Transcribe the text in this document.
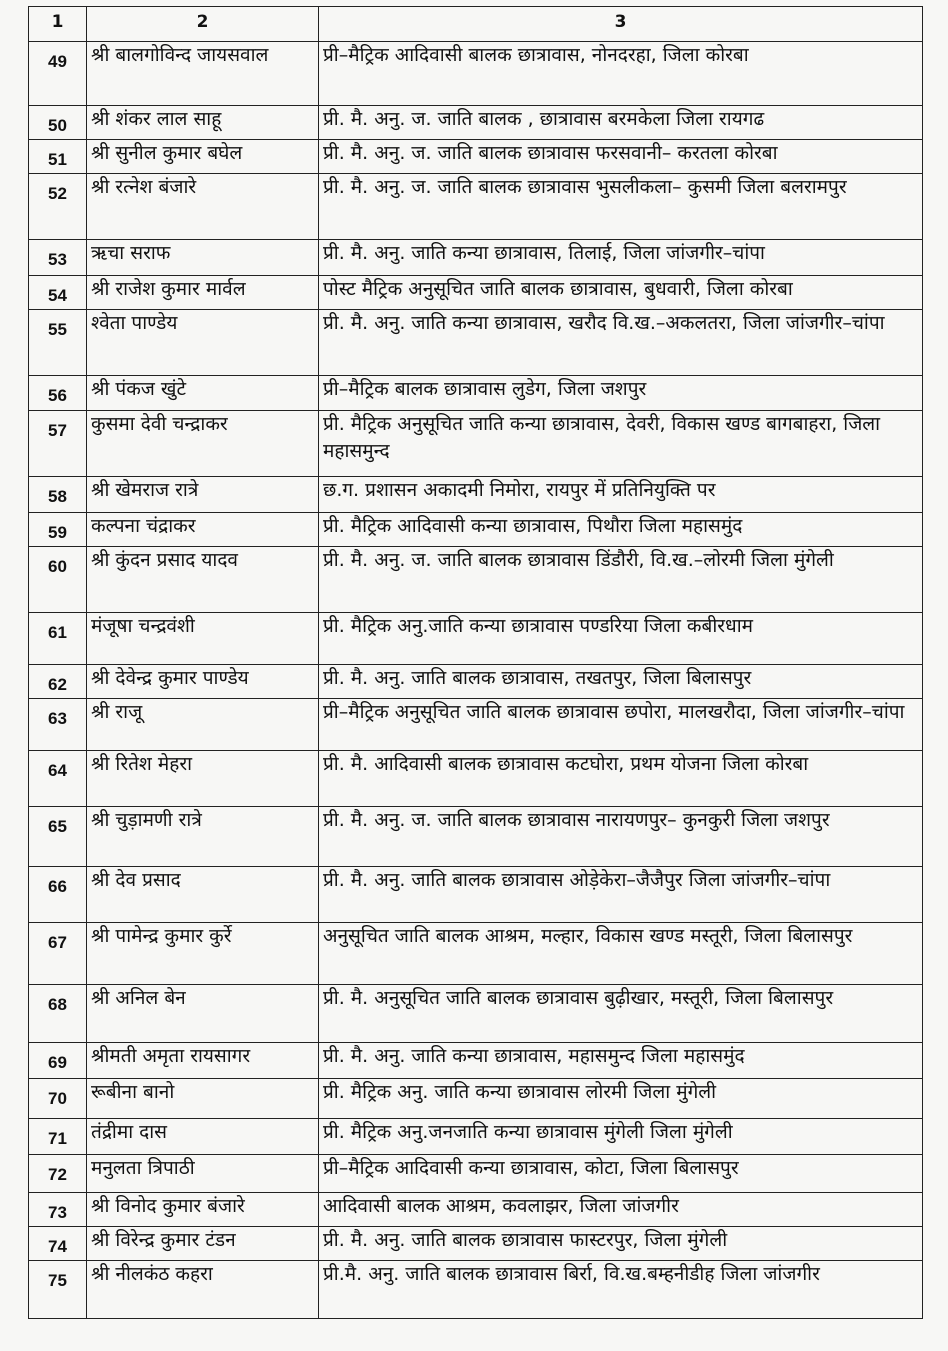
1	2	3
49	श्री बालगोविन्द जायसवाल	प्री–मैट्रिक आदिवासी बालक छात्रावास, नोनदरहा, जिला कोरबा
50	श्री शंकर लाल साहू	प्री. मै. अनु. ज. जाति बालक , छात्रावास बरमकेला जिला रायगढ
51	श्री सुनील कुमार बघेल	प्री. मै. अनु. ज. जाति बालक छात्रावास फरसवानी– करतला कोरबा
52	श्री रत्नेश बंजारे	प्री. मै. अनु. ज. जाति बालक छात्रावास भुसलीकला– कुसमी जिला बलरामपुर
53	ऋचा सराफ	प्री. मै. अनु. जाति कन्या छात्रावास, तिलाई, जिला जांजगीर–चांपा
54	श्री राजेश कुमार मार्वल	पोस्ट मैट्रिक अनुसूचित जाति बालक छात्रावास, बुधवारी, जिला कोरबा
55	श्वेता पाण्डेय	प्री. मै. अनु. जाति कन्या छात्रावास, खरौद वि.ख.–अकलतरा, जिला जांजगीर–चांपा
56	श्री पंकज खुंटे	प्री–मैट्रिक बालक छात्रावास लुडेग, जिला जशपुर
57	कुसमा देवी चन्द्राकर	प्री. मैट्रिक अनुसूचित जाति कन्या छात्रावास, देवरी, विकास खण्ड बागबाहरा, जिला महासमुन्द
58	श्री खेमराज रात्रे	छ.ग. प्रशासन अकादमी निमोरा, रायपुर में प्रतिनियुक्ति पर
59	कल्पना चंद्राकर	प्री. मैट्रिक आदिवासी कन्या छात्रावास, पिथौरा जिला महासमुंद
60	श्री कुंदन प्रसाद यादव	प्री. मै. अनु. ज. जाति बालक छात्रावास डिंडौरी, वि.ख.–लोरमी जिला मुंगेली
61	मंजूषा चन्द्रवंशी	प्री. मैट्रिक अनु.जाति कन्या छात्रावास पण्डरिया जिला कबीरधाम
62	श्री देवेन्द्र कुमार पाण्डेय	प्री. मै. अनु. जाति बालक छात्रावास, तखतपुर, जिला बिलासपुर
63	श्री राजू	प्री–मैट्रिक अनुसूचित जाति बालक छात्रावास छपोरा, मालखरौदा, जिला जांजगीर–चांपा
64	श्री रितेश मेहरा	प्री. मै. आदिवासी बालक छात्रावास कटघोरा, प्रथम योजना जिला कोरबा
65	श्री चुड़ामणी रात्रे	प्री. मै. अनु. ज. जाति बालक छात्रावास नारायणपुर– कुनकुरी जिला जशपुर
66	श्री देव प्रसाद	प्री. मै. अनु. जाति बालक छात्रावास ओड़ेकेरा–जैजैपुर जिला जांजगीर–चांपा
67	श्री पामेन्द्र कुमार कुर्रे	अनुसूचित जाति बालक आश्रम, मल्हार, विकास खण्ड मस्तूरी, जिला बिलासपुर
68	श्री अनिल बेन	प्री. मै. अनुसूचित जाति बालक छात्रावास बुढ़ीखार, मस्तूरी, जिला बिलासपुर
69	श्रीमती अमृता रायसागर	प्री. मै. अनु. जाति कन्या छात्रावास, महासमुन्द जिला महासमुंद
70	रूबीना बानो	प्री. मैट्रिक अनु. जाति कन्या छात्रावास लोरमी जिला मुंगेली
71	तंद्रीमा दास	प्री. मैट्रिक अनु.जनजाति कन्या छात्रावास मुंगेली जिला मुंगेली
72	मनुलता त्रिपाठी	प्री–मैट्रिक आदिवासी कन्या छात्रावास, कोटा, जिला बिलासपुर
73	श्री विनोद कुमार बंजारे	आदिवासी बालक आश्रम, कवलाझर, जिला जांजगीर
74	श्री विरेन्द्र कुमार टंडन	प्री. मै. अनु. जाति बालक छात्रावास फास्टरपुर, जिला मुंगेली
75	श्री नीलकंठ कहरा	प्री.मै. अनु. जाति बालक छात्रावास बिर्रा, वि.ख.बम्हनीडीह जिला जांजगीर
